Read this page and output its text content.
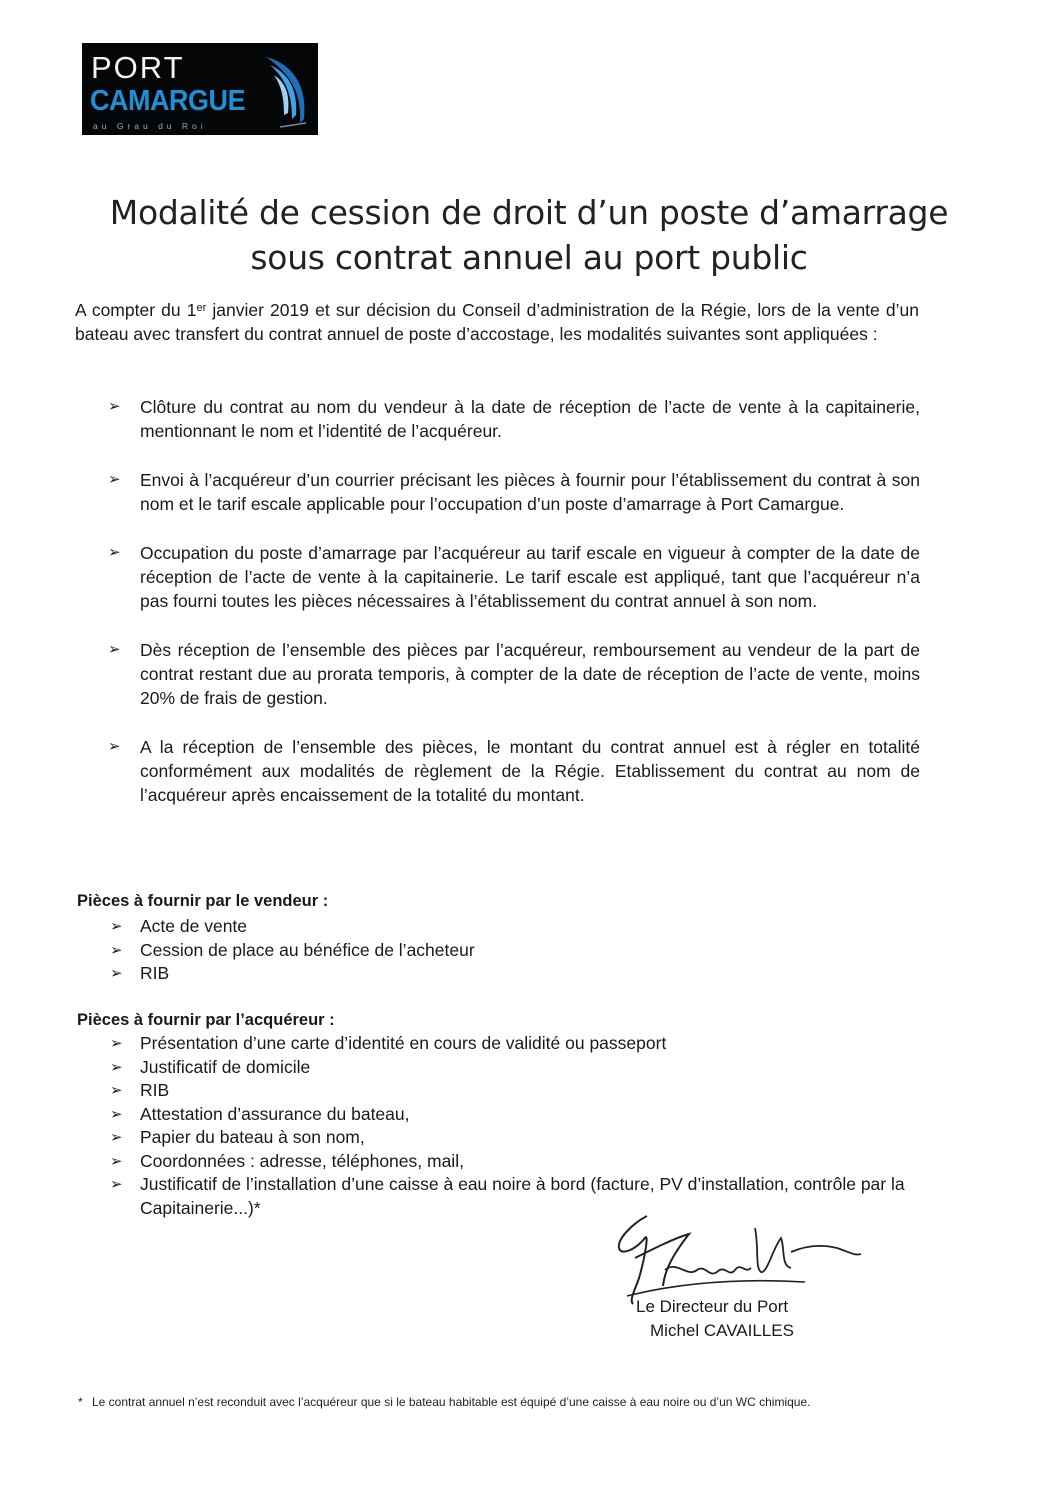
PORT
CAMARGUE
au Grau du Roi
Modalité de cession de droit d’un poste d’amarrage sous contrat annuel au port public

A compter du 1er janvier 2019 et sur décision du Conseil d’administration de la Régie, lors de la vente d’un bateau avec transfert du contrat annuel de poste d’accostage, les modalités suivantes sont appliquées :

➢ Clôture du contrat au nom du vendeur à la date de réception de l’acte de vente à la capitainerie, mentionnant le nom et l’identité de l’acquéreur.
➢ Envoi à l’acquéreur d’un courrier précisant les pièces à fournir pour l’établissement du contrat à son nom et le tarif escale applicable pour l’occupation d’un poste d’amarrage à Port Camargue.
➢ Occupation du poste d’amarrage par l’acquéreur au tarif escale en vigueur à compter de la date de réception de l’acte de vente à la capitainerie. Le tarif escale est appliqué, tant que l’acquéreur n’a pas fourni toutes les pièces nécessaires à l’établissement du contrat annuel à son nom.
➢ Dès réception de l’ensemble des pièces par l’acquéreur, remboursement au vendeur de la part de contrat restant due au prorata temporis, à compter de la date de réception de l’acte de vente, moins 20% de frais de gestion.
➢ A la réception de l’ensemble des pièces, le montant du contrat annuel est à régler en totalité conformément aux modalités de règlement de la Régie. Etablissement du contrat au nom de l’acquéreur après encaissement de la totalité du montant.
Pièces à fournir par le vendeur :
➢ Acte de vente
➢ Cession de place au bénéfice de l’acheteur
➢ RIB
Pièces à fournir par l’acquéreur :
➢ Présentation d’une carte d’identité en cours de validité ou passeport
➢ Justificatif de domicile
➢ RIB
➢ Attestation d’assurance du bateau,
➢ Papier du bateau à son nom,
➢ Coordonnées : adresse, téléphones, mail,
➢ Justificatif de l’installation d’une caisse à eau noire à bord (facture, PV d’installation, contrôle par la Capitainerie...)*
Le Directeur du Port
Michel CAVAILLES
* Le contrat annuel n’est reconduit avec l’acquéreur que si le bateau habitable est équipé d’une caisse à eau noire ou d’un WC chimique.
